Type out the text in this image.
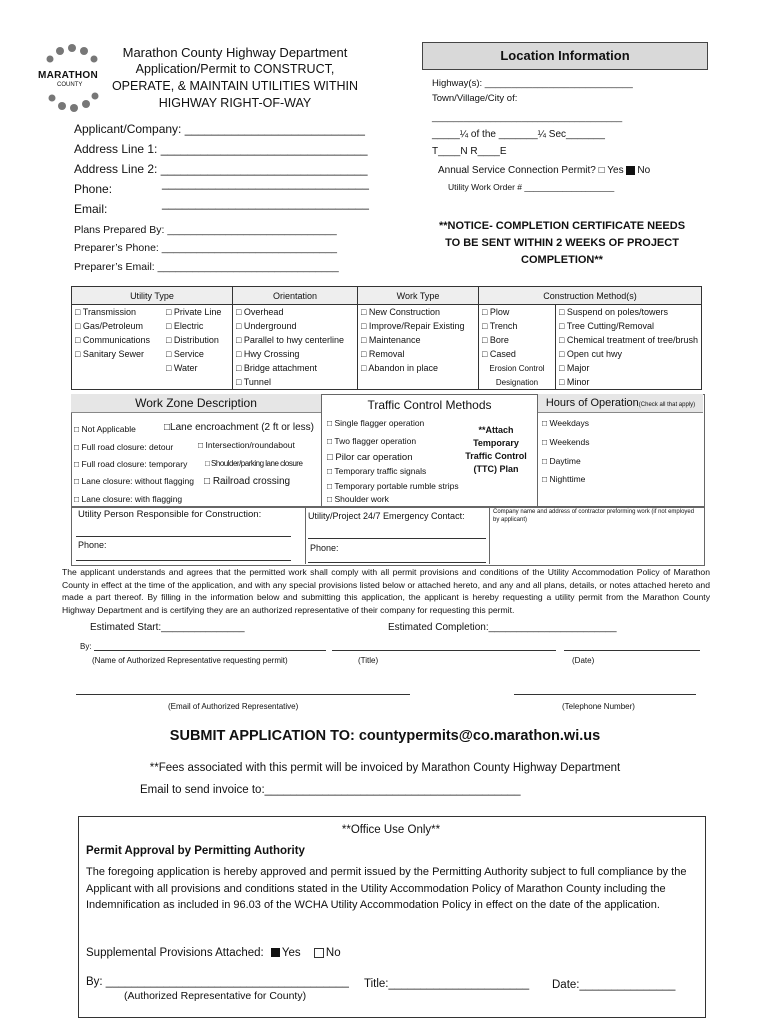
MARATHON
COUNTY
Marathon County Highway Department
Application/Permit to CONSTRUCT,
OPERATE, & MAINTAIN UTILITIES WITHIN
HIGHWAY RIGHT-OF-WAY
Location Information
Highway(s): ____________________________
Town/Village/City of:
____________________________________
_____¼ of the _______¼ Sec_______
T____N R____E
Annual Service Connection Permit? □ Yes No
Utility Work Order # ___________________
Applicant/Company: ___________________________
Address Line 1: _______________________________
Address Line 2: _______________________________
Phone:	_______________________________
Email:	_______________________________
Plans Prepared By: _____________________________
Preparer’s Phone: ______________________________
Preparer’s Email: _______________________________
**NOTICE- COMPLETION CERTIFICATE NEEDS
TO BE SENT WITHIN 2 WEEKS OF PROJECT
COMPLETION**
Utility Type		Orientation	Work Type	Construction Method(s)	
□ Transmission	□ Private Line	□ Overhead	□ New Construction	□ Plow	□ Suspend on poles/towers
□ Gas/Petroleum	□ Electric	□ Underground	□ Improve/Repair Existing	□ Trench	□ Tree Cutting/Removal
□ Communications	□ Distribution	□ Parallel to hwy centerline	□ Maintenance	□ Bore	□ Chemical treatment of tree/brush
□ Sanitary Sewer	□ Service	□ Hwy Crossing	□ Removal	□ Cased	□ Open cut hwy
	□ Water	□ Bridge attachment	□ Abandon in place	Erosion Control	□ Major
		□ Tunnel		Designation	□ Minor
Work Zone Description	Traffic Control Methods	Hours of Operation(Check all that apply)
□ Not Applicable	□Lane encroachment (2 ft or less)
□ Full road closure: detour	□ Intersection/roundabout
□ Full road closure: temporary □ Shoulder/parking lane closure
□ Lane closure: without flagging □ Railroad crossing
□ Lane closure: with flagging
□ Single flagger operation
□ Two flagger operation
□ Pilor car operation
□ Temporary traffic signals
□ Temporary portable rumble strips
□ Shoulder work
**Attach
Temporary
Traffic Control
(TTC) Plan
□ Weekdays
□ Weekends
□ Daytime
□ Nighttime
Utility Person Responsible for Construction:
Phone:
Utility/Project 24/7 Emergency Contact:
Phone:
Company name and address of contractor preforming work (if not employed by applicant)
The applicant understands and agrees that the permitted work shall comply with all permit provisions and conditions of the Utility Accommodation Policy of Marathon County in effect at the time of the application, and with any special provisions listed below or attached hereto, and any and all plans, details, or notes attached hereto and made a part thereof. By filling in the information below and submitting this application, the applicant is hereby requesting a utility permit from the Marathon County Highway Department and is certifying they are an authorized representative of their company for requesting this permit.
Estimated Start:_______________	Estimated Completion:_______________________
By:
(Name of Authorized Representative requesting permit)	(Title)	(Date)
(Email of Authorized Representative)	(Telephone Number)
SUBMIT APPLICATION TO: countypermits@co.marathon.wi.us
**Fees associated with this permit will be invoiced by Marathon County Highway Department
Email to send invoice to:________________________________________
**Office Use Only**
Permit Approval by Permitting Authority
The foregoing application is hereby approved and permit issued by the Permitting Authority subject to full compliance by the Applicant with all provisions and conditions stated in the Utility Accommodation Policy of Marathon County including the Indemnification as included in 96.03 of the WCHA Utility Accommodation Policy in effect on the date of the application.
Supplemental Provisions Attached: Yes No
By: ______________________________________
(Authorized Representative for County)
Title:______________________ Date:_______________
